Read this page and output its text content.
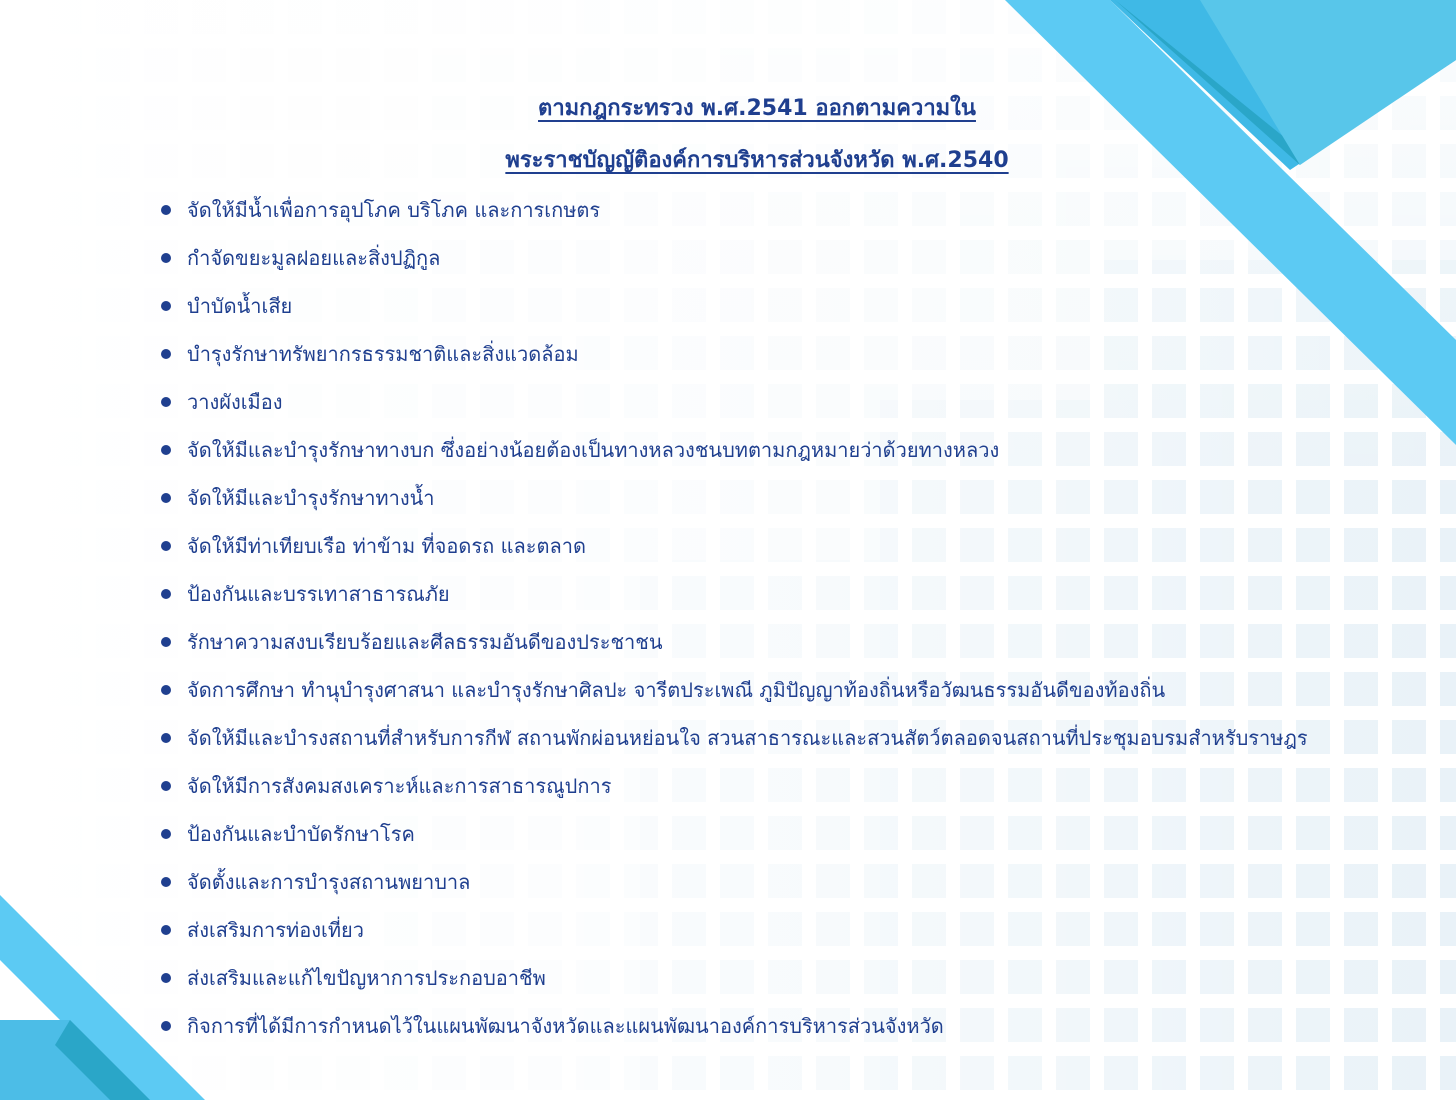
ตามกฎกระทรวง พ.ศ.2541 ออกตามความใน
พระราชบัญญัติองค์การบริหารส่วนจังหวัด พ.ศ.2540
จัดให้มีน้ำเพื่อการอุปโภค บริโภค และการเกษตร
กำจัดขยะมูลฝอยและสิ่งปฏิกูล
บำบัดน้ำเสีย
บำรุงรักษาทรัพยากรธรรมชาติและสิ่งแวดล้อม
วางผังเมือง
จัดให้มีและบำรุงรักษาทางบก ซึ่งอย่างน้อยต้องเป็นทางหลวงชนบทตามกฎหมายว่าด้วยทางหลวง
จัดให้มีและบำรุงรักษาทางน้ำ
จัดให้มีท่าเทียบเรือ ท่าข้าม ที่จอดรถ และตลาด
ป้องกันและบรรเทาสาธารณภัย
รักษาความสงบเรียบร้อยและศีลธรรมอันดีของประชาชน
จัดการศึกษา ทำนุบำรุงศาสนา และบำรุงรักษาศิลปะ จารีตประเพณี ภูมิปัญญาท้องถิ่นหรือวัฒนธรรมอันดีของท้องถิ่น
จัดให้มีและบำรงสถานที่สำหรับการกีฬ สถานพักผ่อนหย่อนใจ สวนสาธารณะและสวนสัตว์ตลอดจนสถานที่ประชุมอบรมสำหรับราษฎร
จัดให้มีการสังคมสงเคราะห์และการสาธารณูปการ
ป้องกันและบำบัดรักษาโรค
จัดตั้งและการบำรุงสถานพยาบาล
ส่งเสริมการท่องเที่ยว
ส่งเสริมและแก้ไขปัญหาการประกอบอาชีพ
กิจการที่ได้มีการกำหนดไว้ในแผนพัฒนาจังหวัดและแผนพัฒนาองค์การบริหารส่วนจังหวัด
